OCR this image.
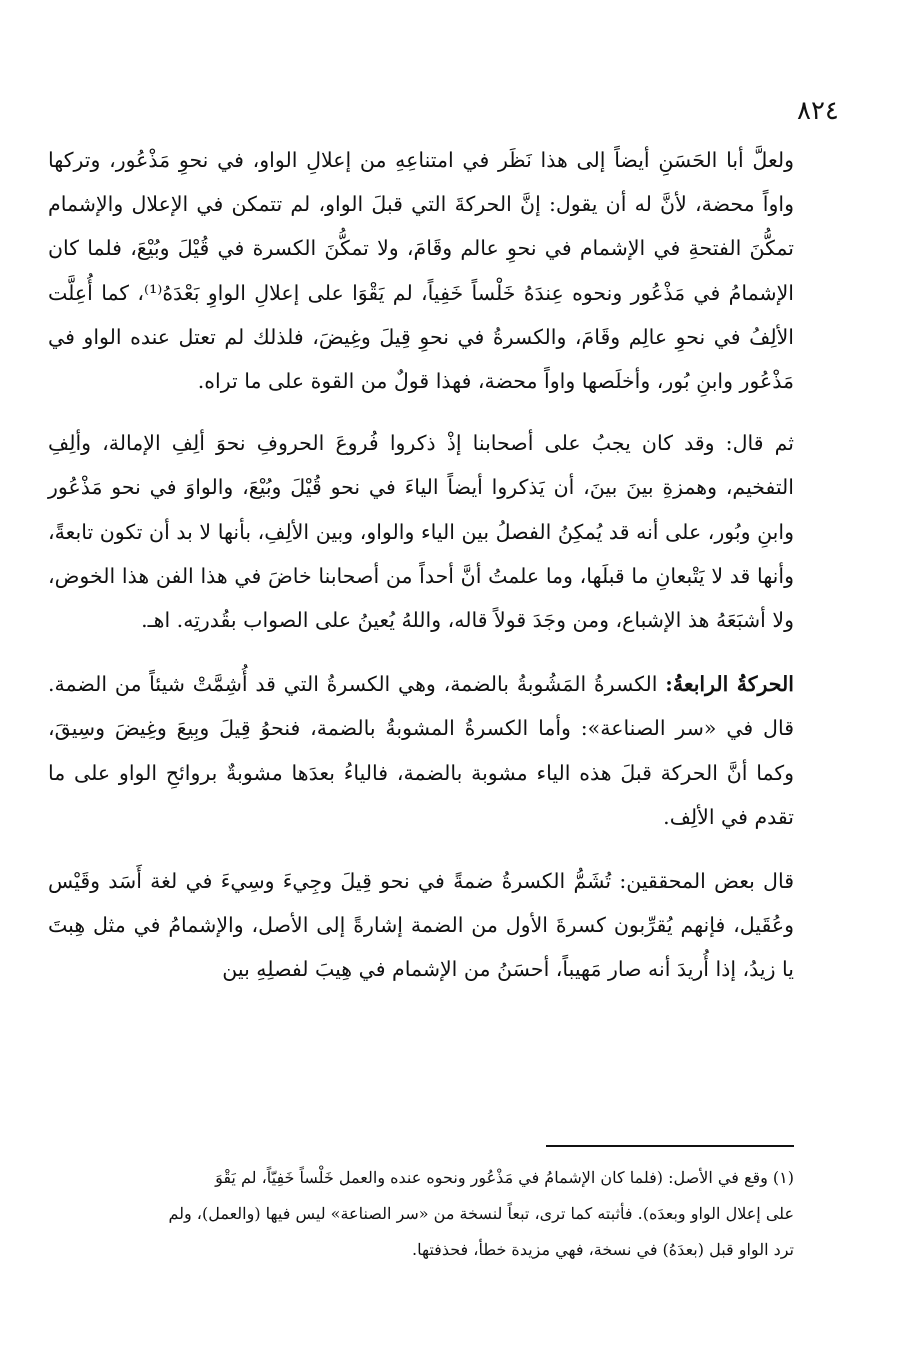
٨٢٤

ولعلَّ أبا الحَسَنِ أيضاً إلى هذا نَظَر في امتناعِهِ من إعلالِ الواو، في نحوِ مَذْعُور، وتركها واواً محضة، لأنَّ له أن يقول: إنَّ الحركةَ التي قبلَ الواو، لم تتمكن في الإعلال والإشمام تمكُّنَ الفتحةِ في الإشمام في نحوِ عالم وقَامَ، ولا تمكُّنَ الكسرة في قُيْلَ وبُيْعَ، فلما كان الإشمامُ في مَذْعُور ونحوه عِندَهُ خَلْساً خَفِياً، لم يَقْوَا على إعلالِ الواوِ بَعْدَهُ⁽¹⁾، كما أُعِلَّت الألِفُ في نحوِ عالِم وقَامَ، والكسرةُ في نحوِ قِيلَ وغِيضَ، فلذلك لم تعتل عنده الواو في مَذْعُور وابنِ بُور، وأخلَصها واواً محضة، فهذا قولٌ من القوة على ما تراه.

ثم قال: وقد كان يجبُ على أصحابنا إذْ ذكروا فُروعَ الحروفِ نحوَ ألِفِ الإمالة، وألِفِ التفخيم، وهمزةِ بينَ بينَ، أن يَذكروا أيضاً الياءَ في نحو قُيْلَ وبُيْعَ، والواوَ في نحو مَذْعُور وابنِ وبُور، على أنه قد يُمكِنُ الفصلُ بين الياء والواو، وبين الألِفِ، بأنها لا بد أن تكون تابعةً، وأنها قد لا يَتْبعانِ ما قبلَها، وما علمتُ أنَّ أحداً من أصحابنا خاضَ في هذا الفن هذا الخوض، ولا أشبَعَهُ هذ الإشباع، ومن وجَدَ قولاً قاله، واللهُ يُعينُ على الصواب بقُدرتِه. اهـ.

الحركةُ الرابعةُ: الكسرةُ المَشُوبةُ بالضمة، وهي الكسرةُ التي قد أُشِمَّتْ شيئاً من الضمة. قال في «سر الصناعة»: وأما الكسرةُ المشوبةُ بالضمة، فنحوُ قِيلَ وبِيعَ وغِيضَ وسِيقَ، وكما أنَّ الحركة قبلَ هذه الياء مشوبة بالضمة، فالياءُ بعدَها مشوبةٌ بروائحِ الواو على ما تقدم في الألِف.

قال بعض المحققين: تُشَمُّ الكسرةُ ضمةً في نحو قِيلَ وجِيءَ وسِيءَ في لغة أَسَد وقَيْس وعُقَيل، فإنهم يُقرِّبون كسرةَ الأول من الضمة إشارةً إلى الأصل، والإشمامُ في مثل هِبتَ يا زيدُ، إذا أُريدَ أنه صار مَهيباً، أحسَنُ من الإشمام في هِيبَ لفصلِهِ بين

(١) وقع في الأصل: (فلما كان الإشمامُ في مَذْعُور ونحوه عنده والعمل خَلْساً خَفِيّاً، لم يَقْوَ

على إعلال الواو وبعدَه). فأثبته كما ترى، تبعاً لنسخة من «سر الصناعة» ليس فيها (والعمل)، ولم

ترد الواو قبل (بعدَهُ) في نسخة، فهي مزيدة خطأ، فحذفتها.
